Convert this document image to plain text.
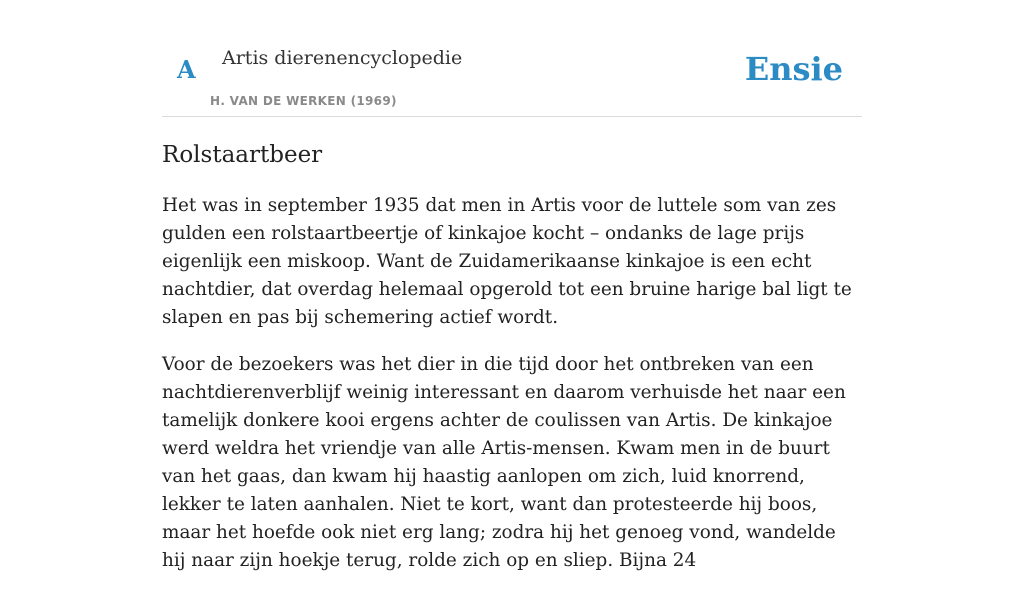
A Artis dierenencyclopedie
H. VAN DE WERKEN (1969)
Ensie
Rolstaartbeer

Het was in september 1935 dat men in Artis voor de luttele som van zes gulden een rolstaartbeertje of kinkajoe kocht – ondanks de lage prijs eigenlijk een miskoop. Want de Zuidamerikaanse kinkajoe is een echt nachtdier, dat overdag helemaal opgerold tot een bruine harige bal ligt te slapen en pas bij schemering actief wordt.

Voor de bezoekers was het dier in die tijd door het ontbreken van een nachtdierenverblijf weinig interessant en daarom verhuisde het naar een tamelijk donkere kooi ergens achter de coulissen van Artis. De kinkajoe werd weldra het vriendje van alle Artis-mensen. Kwam men in de buurt van het gaas, dan kwam hij haastig aanlopen om zich, luid knorrend, lekker te laten aanhalen. Niet te kort, want dan protesteerde hij boos, maar het hoefde ook niet erg lang; zodra hij het genoeg vond, wandelde hij naar zijn hoekje terug, rolde zich op en sliep. Bijna 24
